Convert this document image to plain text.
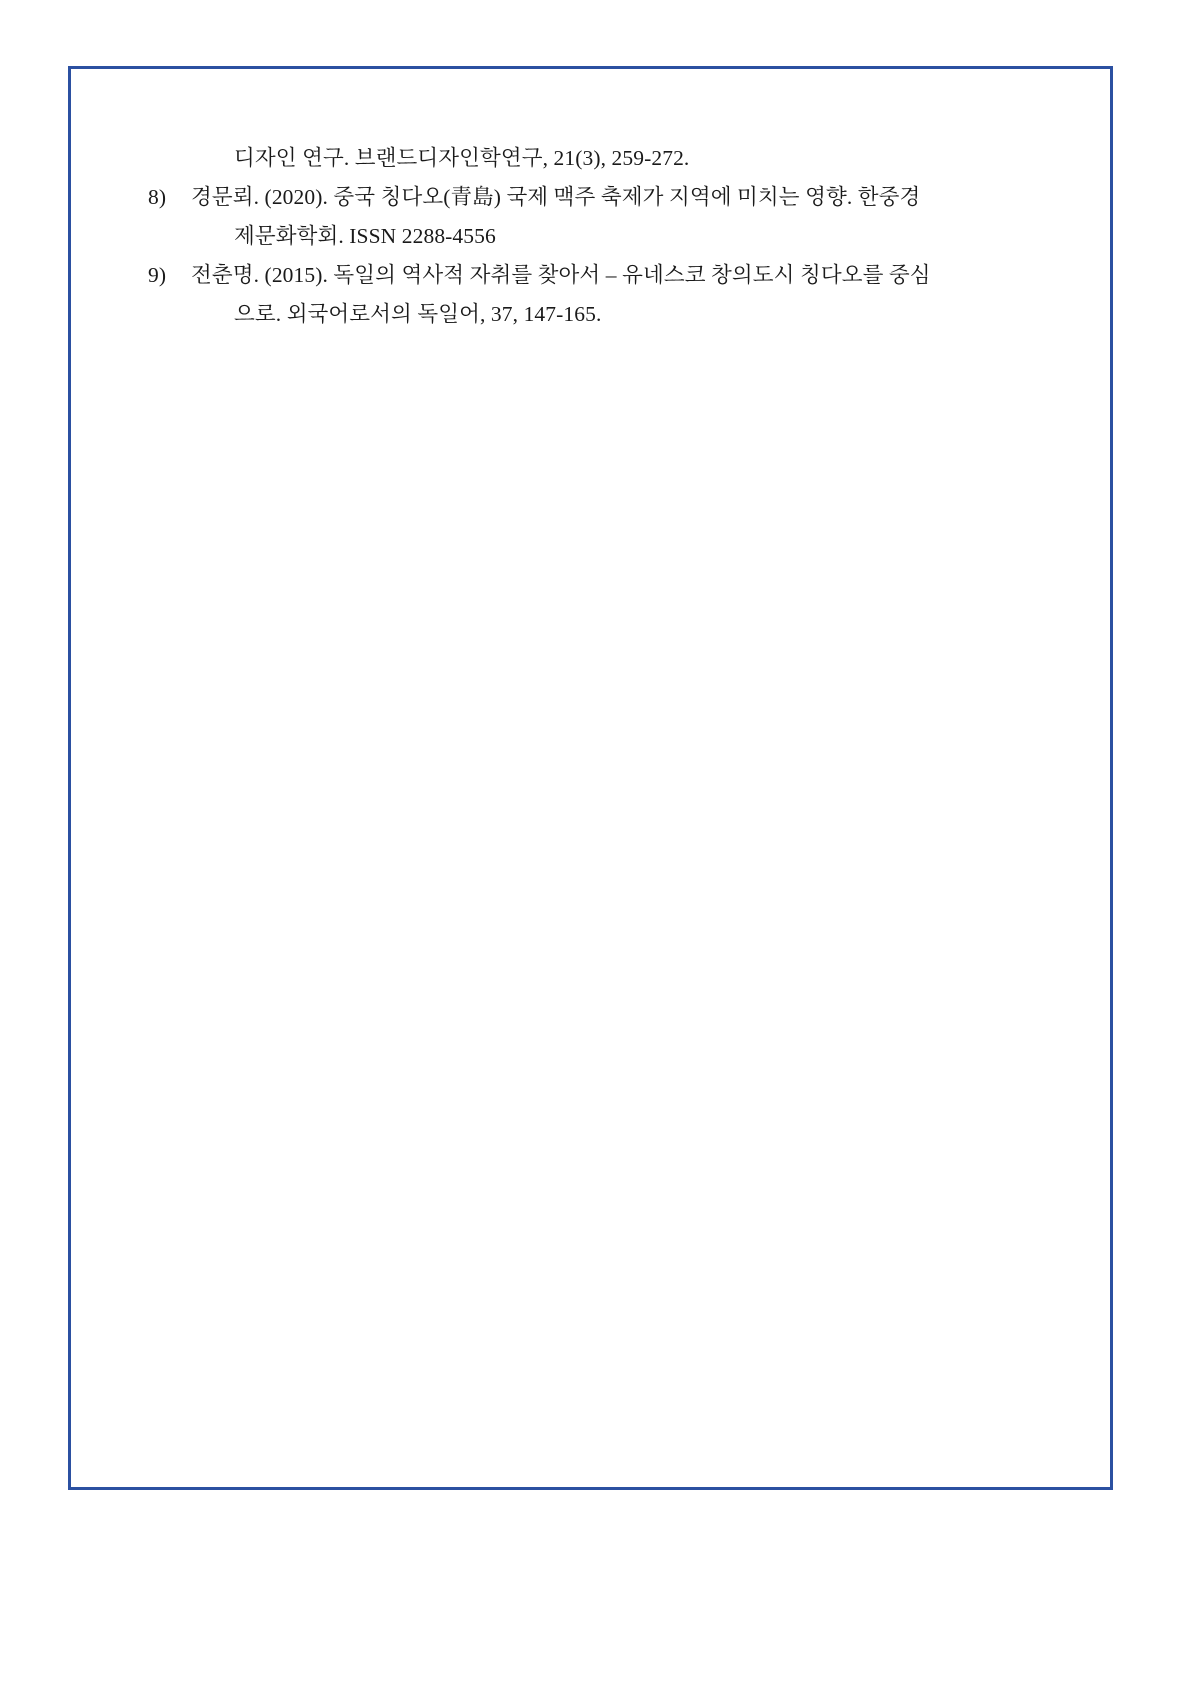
디자인 연구. 브랜드디자인학연구, 21(3), 259-272.
8)	경문뢰. (2020). 중국 칭다오(青島) 국제 맥주 축제가 지역에 미치는 영향. 한중경
제문화학회. ISSN 2288-4556
9)	전춘명. (2015). 독일의 역사적 자취를 찾아서 – 유네스코 창의도시 칭다오를 중심
으로. 외국어로서의 독일어, 37, 147-165.
